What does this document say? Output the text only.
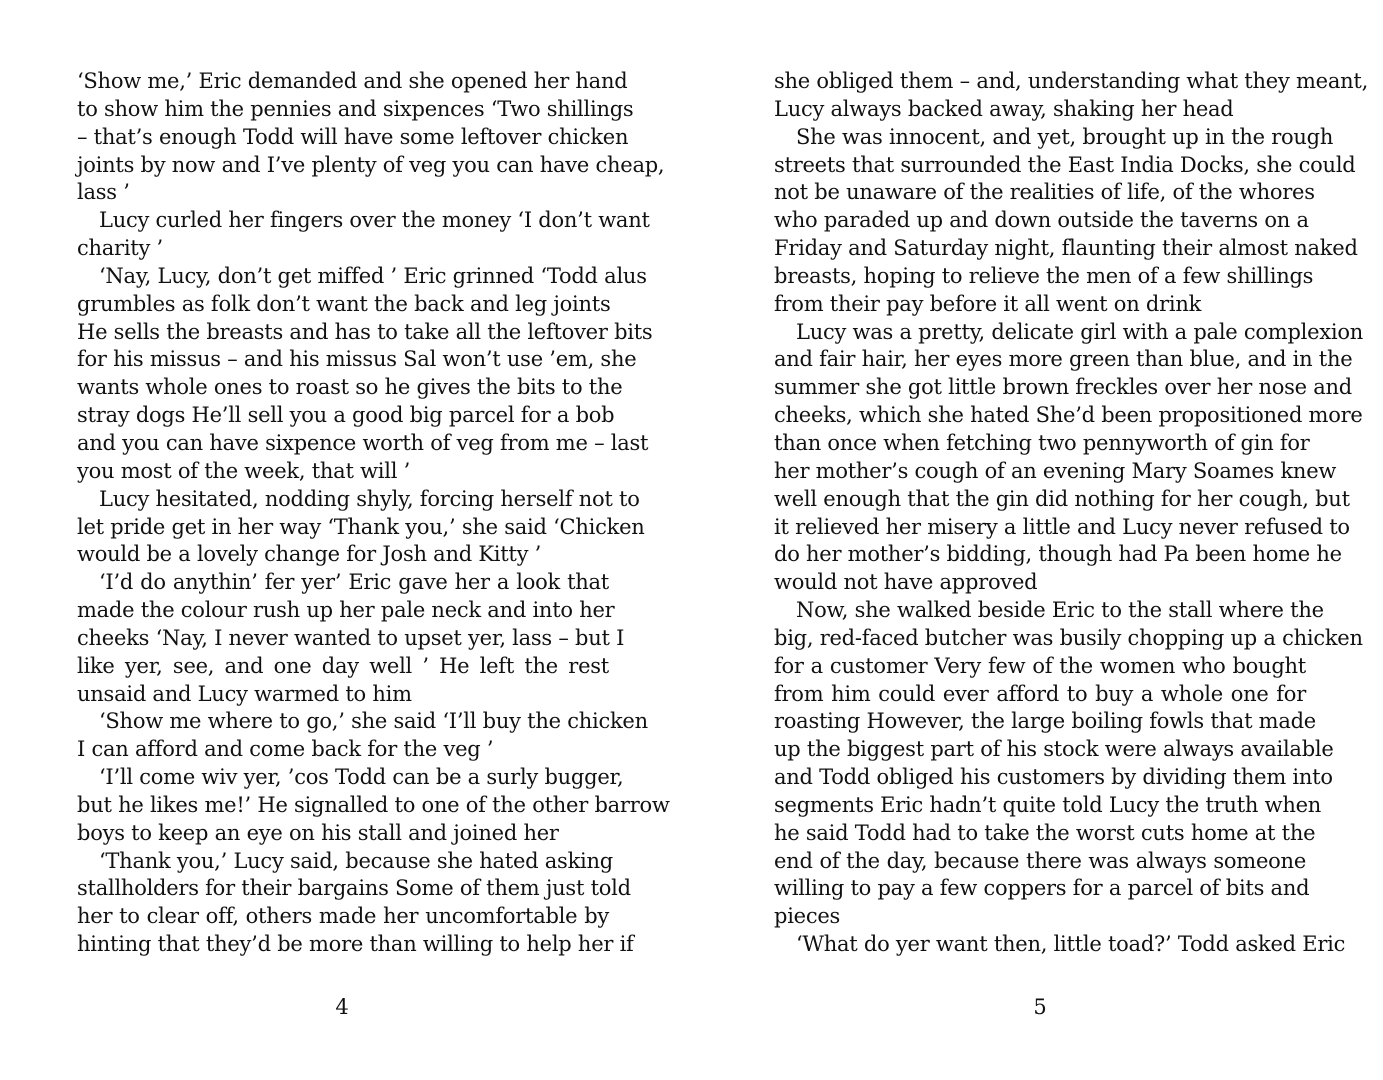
‘Show me,’ Eric demanded and she opened her hand
to show him the pennies and sixpences ‘Two shillings
– that’s enough Todd will have some leftover chicken
joints by now and I’ve plenty of veg you can have cheap,
lass ’
Lucy curled her fingers over the money ‘I don’t want
charity ’
‘Nay, Lucy, don’t get miffed ’ Eric grinned ‘Todd alus
grumbles as folk don’t want the back and leg joints
He sells the breasts and has to take all the leftover bits
for his missus – and his missus Sal won’t use ’em, she
wants whole ones to roast so he gives the bits to the
stray dogs He’ll sell you a good big parcel for a bob
and you can have sixpence worth of veg from me – last
you most of the week, that will ’
Lucy hesitated, nodding shyly, forcing herself not to
let pride get in her way ‘Thank you,’ she said ‘Chicken
would be a lovely change for Josh and Kitty ’
‘I’d do anythin’ fer yer’ Eric gave her a look that
made the colour rush up her pale neck and into her
cheeks ‘Nay, I never wanted to upset yer, lass – but I
like yer, see, and one day well ’ He left the rest
unsaid and Lucy warmed to him
‘Show me where to go,’ she said ‘I’ll buy the chicken
I can afford and come back for the veg ’
‘I’ll come wiv yer, ’cos Todd can be a surly bugger,
but he likes me!’ He signalled to one of the other barrow
boys to keep an eye on his stall and joined her
‘Thank you,’ Lucy said, because she hated asking
stallholders for their bargains Some of them just told
her to clear off, others made her uncomfortable by
hinting that they’d be more than willing to help her if
she obliged them – and, understanding what they meant,
Lucy always backed away, shaking her head
She was innocent, and yet, brought up in the rough
streets that surrounded the East India Docks, she could
not be unaware of the realities of life, of the whores
who paraded up and down outside the taverns on a
Friday and Saturday night, flaunting their almost naked
breasts, hoping to relieve the men of a few shillings
from their pay before it all went on drink
Lucy was a pretty, delicate girl with a pale complexion
and fair hair, her eyes more green than blue, and in the
summer she got little brown freckles over her nose and
cheeks, which she hated She’d been propositioned more
than once when fetching two pennyworth of gin for
her mother’s cough of an evening Mary Soames knew
well enough that the gin did nothing for her cough, but
it relieved her misery a little and Lucy never refused to
do her mother’s bidding, though had Pa been home he
would not have approved
Now, she walked beside Eric to the stall where the
big, red-faced butcher was busily chopping up a chicken
for a customer Very few of the women who bought
from him could ever afford to buy a whole one for
roasting However, the large boiling fowls that made
up the biggest part of his stock were always available
and Todd obliged his customers by dividing them into
segments Eric hadn’t quite told Lucy the truth when
he said Todd had to take the worst cuts home at the
end of the day, because there was always someone
willing to pay a few coppers for a parcel of bits and
pieces
‘What do yer want then, little toad?’ Todd asked Eric
4	5
